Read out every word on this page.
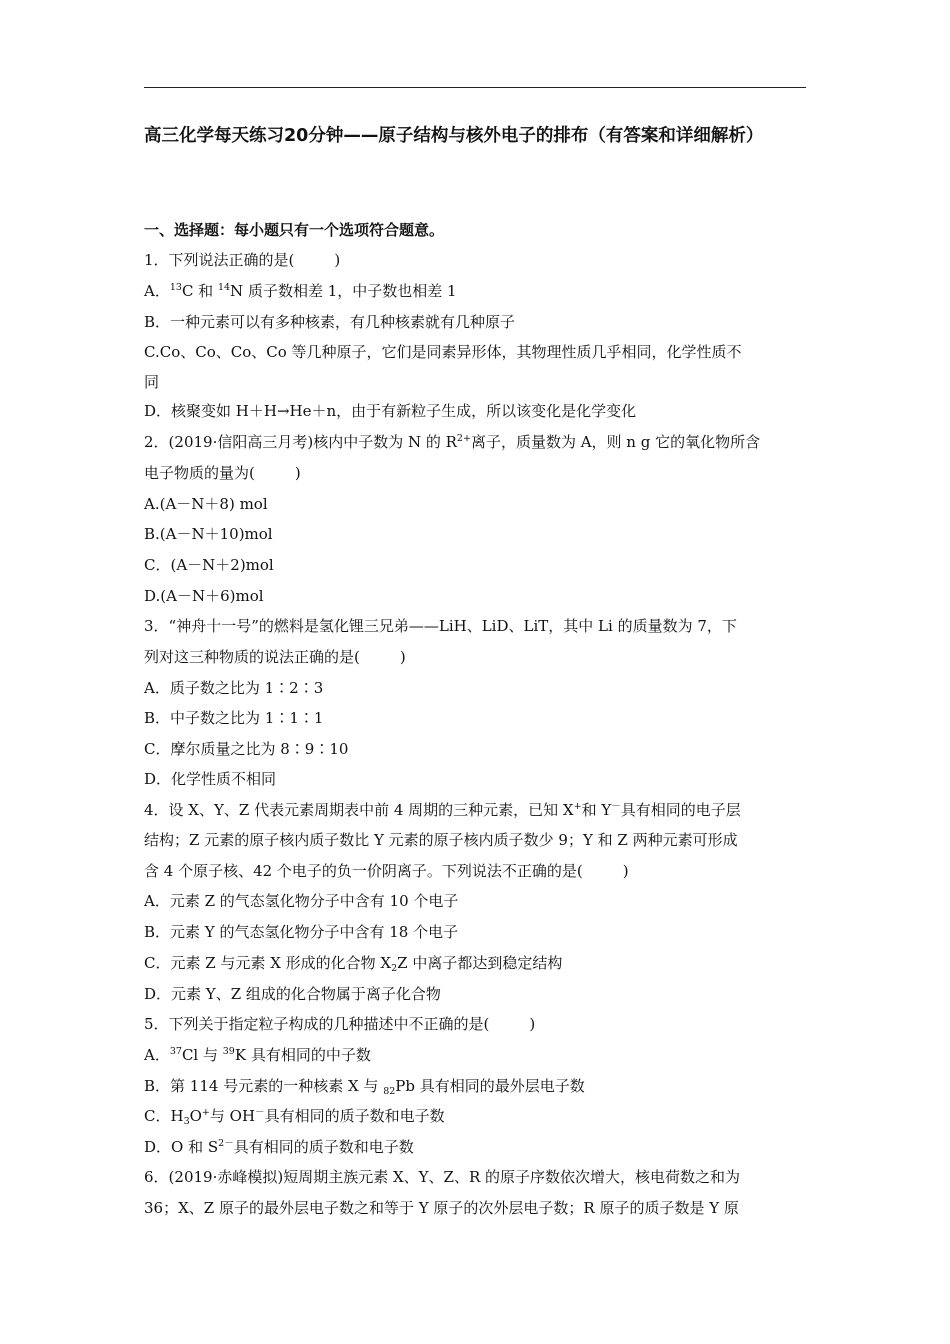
高三化学每天练习20分钟——原子结构与核外电子的排布（有答案和详细解析）
一、选择题：每小题只有一个选项符合题意。
1．下列说法正确的是(	)
A．$^{13}$C 和 $^{14}$N 质子数相差 1，中子数也相差 1
B．一种元素可以有多种核素，有几种核素就有几种原子
C.Co、Co、Co、Co 等几种原子，它们是同素异形体，其物理性质几乎相同，化学性质不
同
D．核聚变如 H＋H→He＋n，由于有新粒子生成，所以该变化是化学变化
2．(2019·信阳高三月考)核内中子数为 N 的 $R^{2+}$离子，质量数为 A，则 n g 它的氧化物所含
电子物质的量为(	)
A.(A－N＋8) mol
B.(A－N＋10)mol
C．(A－N＋2)mol
D.(A－N＋6)mol
3．“神舟十一号”的燃料是氢化锂三兄弟——LiH、LiD、LiT，其中 Li 的质量数为 7，下
列对这三种物质的说法正确的是(	)
A．质子数之比为 1∶2∶3
B．中子数之比为 1∶1∶1
C．摩尔质量之比为 8∶9∶10
D．化学性质不相同
4．设 X、Y、Z 代表元素周期表中前 4 周期的三种元素，已知 X+和 Y－具有相同的电子层
结构；Z 元素的原子核内质子数比 Y 元素的原子核内质子数少 9；Y 和 Z 两种元素可形成
含 4 个原子核、42 个电子的负一价阴离子。下列说法不正确的是(	)
A．元素 Z 的气态氢化物分子中含有 10 个电子
B．元素 Y 的气态氢化物分子中含有 18 个电子
C．元素 Z 与元素 X 形成的化合物 $X_2Z$ 中离子都达到稳定结构
D．元素 Y、Z 组成的化合物属于离子化合物
5．下列关于指定粒子构成的几种描述中不正确的是(	)
A．$^{37}$Cl 与 $^{39}$K 具有相同的中子数
B．第 114 号元素的一种核素 X 与 $_{82}$Pb 具有相同的最外层电子数
C．$H_3O^+$与 OH－具有相同的质子数和电子数
D．O 和 $S^{2-}$具有相同的质子数和电子数
6．(2019·赤峰模拟)短周期主族元素 X、Y、Z、R 的原子序数依次增大，核电荷数之和为
36；X、Z 原子的最外层电子数之和等于 Y 原子的次外层电子数；R 原子的质子数是 Y 原
